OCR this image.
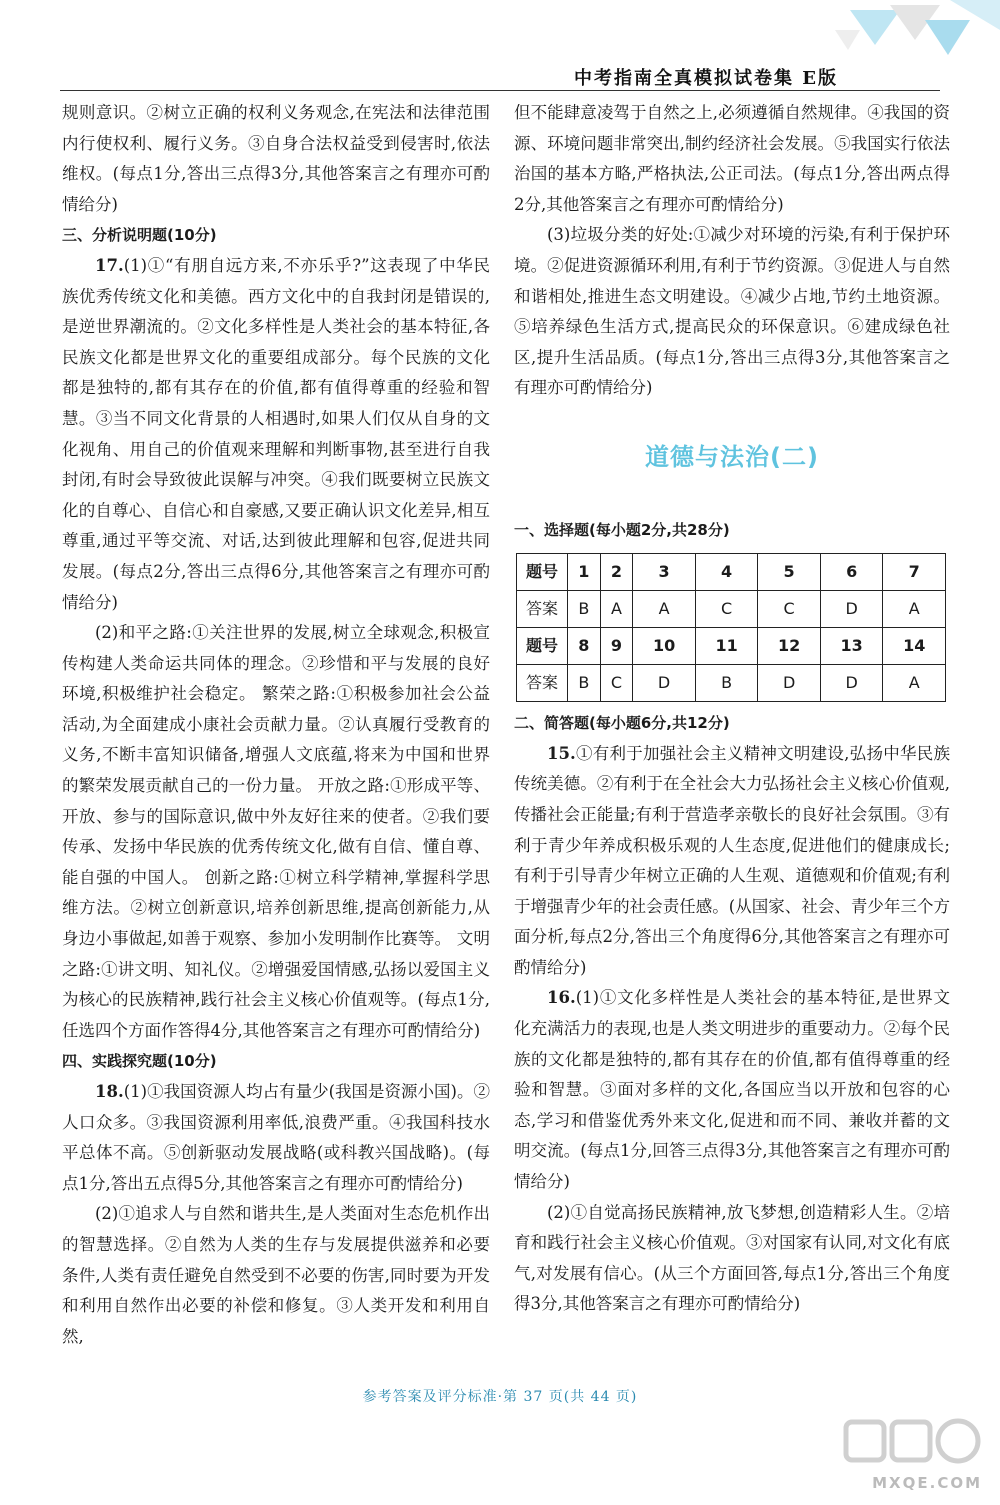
中考指南全真模拟试卷集 E版

规则意识。②树立正确的权利义务观念,在宪法和法律范围内行使权利、履行义务。③自身合法权益受到侵害时,依法维权。(每点1分,答出三点得3分,其他答案言之有理亦可酌情给分)

三、分析说明题(10分)

17.(1)①“有朋自远方来,不亦乐乎?”这表现了中华民族优秀传统文化和美德。西方文化中的自我封闭是错误的,是逆世界潮流的。②文化多样性是人类社会的基本特征,各民族文化都是世界文化的重要组成部分。每个民族的文化都是独特的,都有其存在的价值,都有值得尊重的经验和智慧。③当不同文化背景的人相遇时,如果人们仅从自身的文化视角、用自己的价值观来理解和判断事物,甚至进行自我封闭,有时会导致彼此误解与冲突。④我们既要树立民族文化的自尊心、自信心和自豪感,又要正确认识文化差异,相互尊重,通过平等交流、对话,达到彼此理解和包容,促进共同发展。(每点2分,答出三点得6分,其他答案言之有理亦可酌情给分)

(2)和平之路:①关注世界的发展,树立全球观念,积极宣传构建人类命运共同体的理念。②珍惜和平与发展的良好环境,积极维护社会稳定。 繁荣之路:①积极参加社会公益活动,为全面建成小康社会贡献力量。②认真履行受教育的义务,不断丰富知识储备,增强人文底蕴,将来为中国和世界的繁荣发展贡献自己的一份力量。 开放之路:①形成平等、开放、参与的国际意识,做中外友好往来的使者。②我们要传承、发扬中华民族的优秀传统文化,做有自信、懂自尊、能自强的中国人。 创新之路:①树立科学精神,掌握科学思维方法。②树立创新意识,培养创新思维,提高创新能力,从身边小事做起,如善于观察、参加小发明制作比赛等。 文明之路:①讲文明、知礼仪。②增强爱国情感,弘扬以爱国主义为核心的民族精神,践行社会主义核心价值观等。(每点1分,任选四个方面作答得4分,其他答案言之有理亦可酌情给分)

四、实践探究题(10分)

18.(1)①我国资源人均占有量少(我国是资源小国)。②人口众多。③我国资源利用率低,浪费严重。④我国科技水平总体不高。⑤创新驱动发展战略(或科教兴国战略)。(每点1分,答出五点得5分,其他答案言之有理亦可酌情给分)

(2)①追求人与自然和谐共生,是人类面对生态危机作出的智慧选择。②自然为人类的生存与发展提供滋养和必要条件,人类有责任避免自然受到不必要的伤害,同时要为开发和利用自然作出必要的补偿和修复。③人类开发和利用自然,

但不能肆意凌驾于自然之上,必须遵循自然规律。④我国的资源、环境问题非常突出,制约经济社会发展。⑤我国实行依法治国的基本方略,严格执法,公正司法。(每点1分,答出两点得2分,其他答案言之有理亦可酌情给分)

(3)垃圾分类的好处:①减少对环境的污染,有利于保护环境。②促进资源循环利用,有利于节约资源。③促进人与自然和谐相处,推进生态文明建设。④减少占地,节约土地资源。⑤培养绿色生活方式,提高民众的环保意识。⑥建成绿色社区,提升生活品质。(每点1分,答出三点得3分,其他答案言之有理亦可酌情给分)

道德与法治(二)

一、选择题(每小题2分,共28分)

题号	1	2	3	4	5	6	7
答案	B	A	A	C	C	D	A
题号	8	9	10	11	12	13	14
答案	B	C	D	B	D	D	A

二、简答题(每小题6分,共12分)

15.①有利于加强社会主义精神文明建设,弘扬中华民族传统美德。②有利于在全社会大力弘扬社会主义核心价值观,传播社会正能量;有利于营造孝亲敬长的良好社会氛围。③有利于青少年养成积极乐观的人生态度,促进他们的健康成长;有利于引导青少年树立正确的人生观、道德观和价值观;有利于增强青少年的社会责任感。(从国家、社会、青少年三个方面分析,每点2分,答出三个角度得6分,其他答案言之有理亦可酌情给分)

16.(1)①文化多样性是人类社会的基本特征,是世界文化充满活力的表现,也是人类文明进步的重要动力。②每个民族的文化都是独特的,都有其存在的价值,都有值得尊重的经验和智慧。③面对多样的文化,各国应当以开放和包容的心态,学习和借鉴优秀外来文化,促进和而不同、兼收并蓄的文明交流。(每点1分,回答三点得3分,其他答案言之有理亦可酌情给分)

(2)①自觉高扬民族精神,放飞梦想,创造精彩人生。②培育和践行社会主义核心价值观。③对国家有认同,对文化有底气,对发展有信心。(从三个方面回答,每点1分,答出三个角度得3分,其他答案言之有理亦可酌情给分)

参考答案及评分标准·第 37 页(共 44 页)
MXQE.COM
